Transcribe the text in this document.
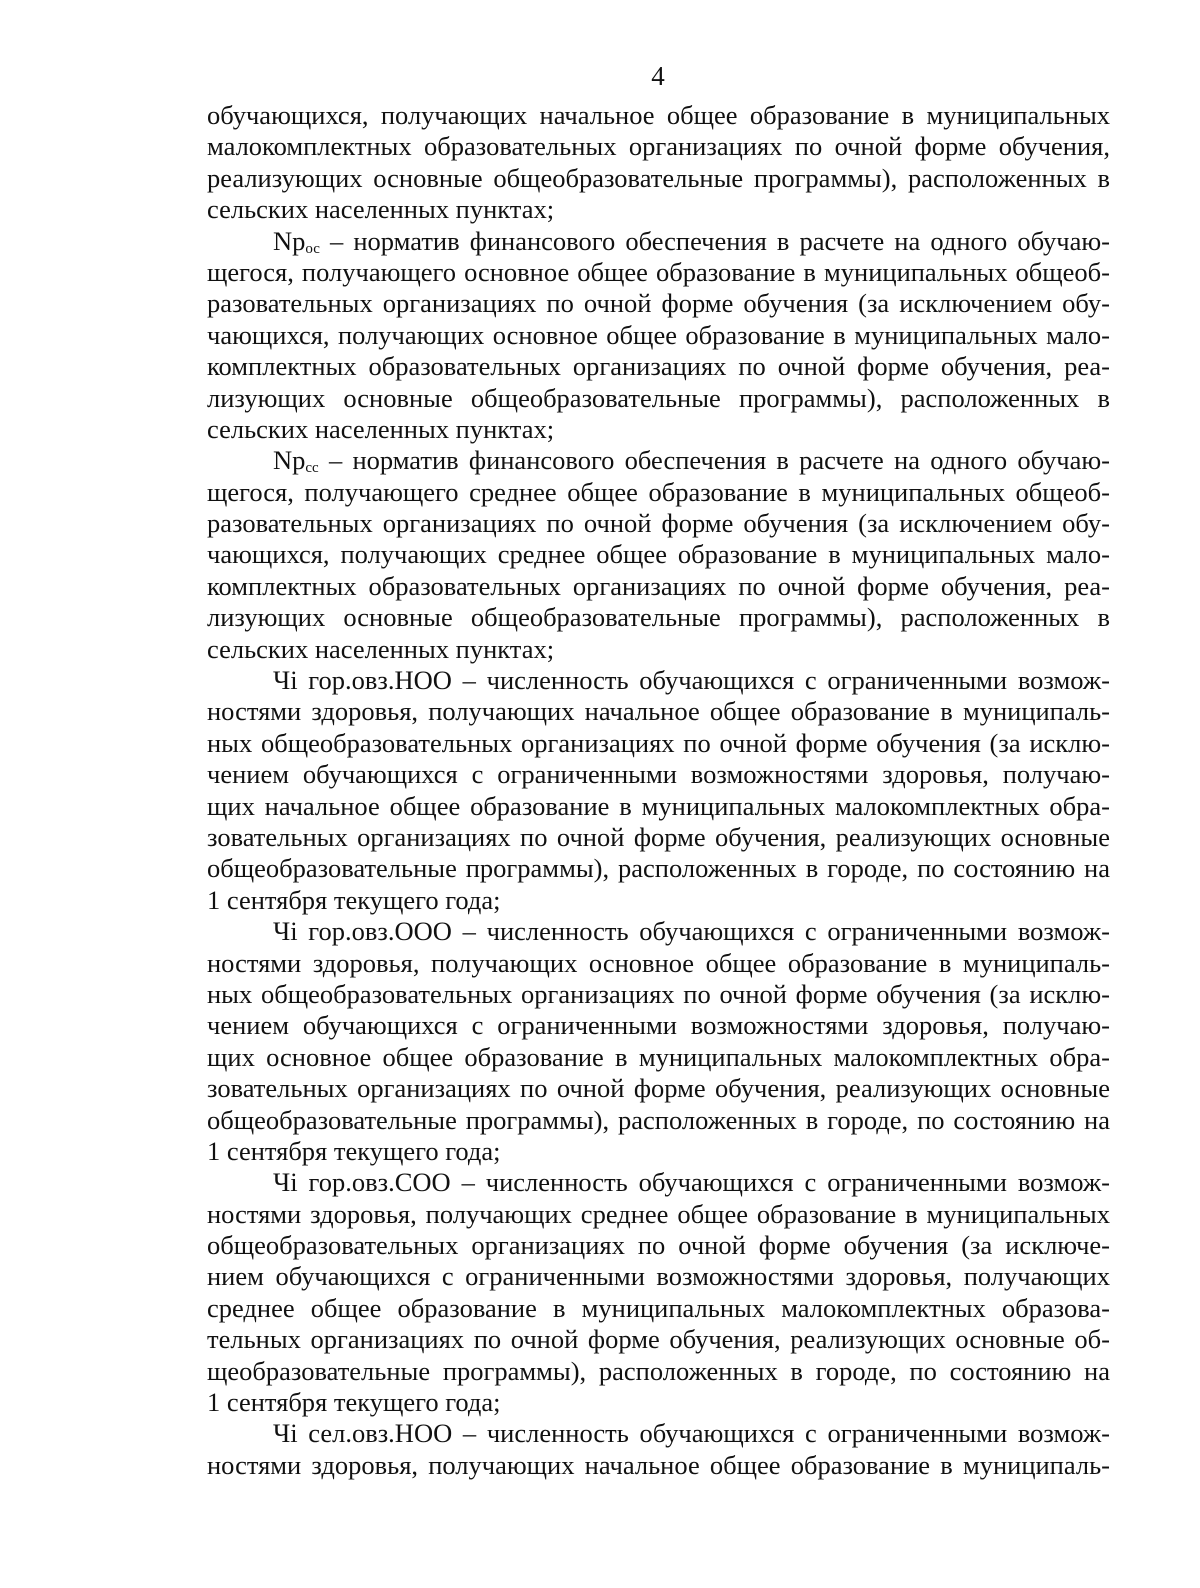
4
обучающихся, получающих начальное общее образование в муниципальных
малокомплектных образовательных организациях по очной форме обучения,
реализующих основные общеобразовательные программы), расположенных в
сельских населенных пунктах;
$Np_{ос}$ – норматив финансового обеспечения в расчете на одного обучаю-
щегося, получающего основное общее образование в муниципальных общеоб-
разовательных организациях по очной форме обучения (за исключением обу-
чающихся, получающих основное общее образование в муниципальных мало-
комплектных образовательных организациях по очной форме обучения, реа-
лизующих основные общеобразовательные программы), расположенных в
сельских населенных пунктах;
$Np_{сс}$ – норматив финансового обеспечения в расчете на одного обучаю-
щегося, получающего среднее общее образование в муниципальных общеоб-
разовательных организациях по очной форме обучения (за исключением обу-
чающихся, получающих среднее общее образование в муниципальных мало-
комплектных образовательных организациях по очной форме обучения, реа-
лизующих основные общеобразовательные программы), расположенных в
сельских населенных пунктах;
Чi гор.овз.НОО – численность обучающихся с ограниченными возмож-
ностями здоровья, получающих начальное общее образование в муниципаль-
ных общеобразовательных организациях по очной форме обучения (за исклю-
чением обучающихся с ограниченными возможностями здоровья, получаю-
щих начальное общее образование в муниципальных малокомплектных обра-
зовательных организациях по очной форме обучения, реализующих основные
общеобразовательные программы), расположенных в городе, по состоянию на
1 сентября текущего года;
Чi гор.овз.ООО – численность обучающихся с ограниченными возмож-
ностями здоровья, получающих основное общее образование в муниципаль-
ных общеобразовательных организациях по очной форме обучения (за исклю-
чением обучающихся с ограниченными возможностями здоровья, получаю-
щих основное общее образование в муниципальных малокомплектных обра-
зовательных организациях по очной форме обучения, реализующих основные
общеобразовательные программы), расположенных в городе, по состоянию на
1 сентября текущего года;
Чi гор.овз.СОО – численность обучающихся с ограниченными возмож-
ностями здоровья, получающих среднее общее образование в муниципальных
общеобразовательных организациях по очной форме обучения (за исключе-
нием обучающихся с ограниченными возможностями здоровья, получающих
среднее общее образование в муниципальных малокомплектных образова-
тельных организациях по очной форме обучения, реализующих основные об-
щеобразовательные программы), расположенных в городе, по состоянию на
1 сентября текущего года;
Чi сел.овз.НОО – численность обучающихся с ограниченными возмож-
ностями здоровья, получающих начальное общее образование в муниципаль-
